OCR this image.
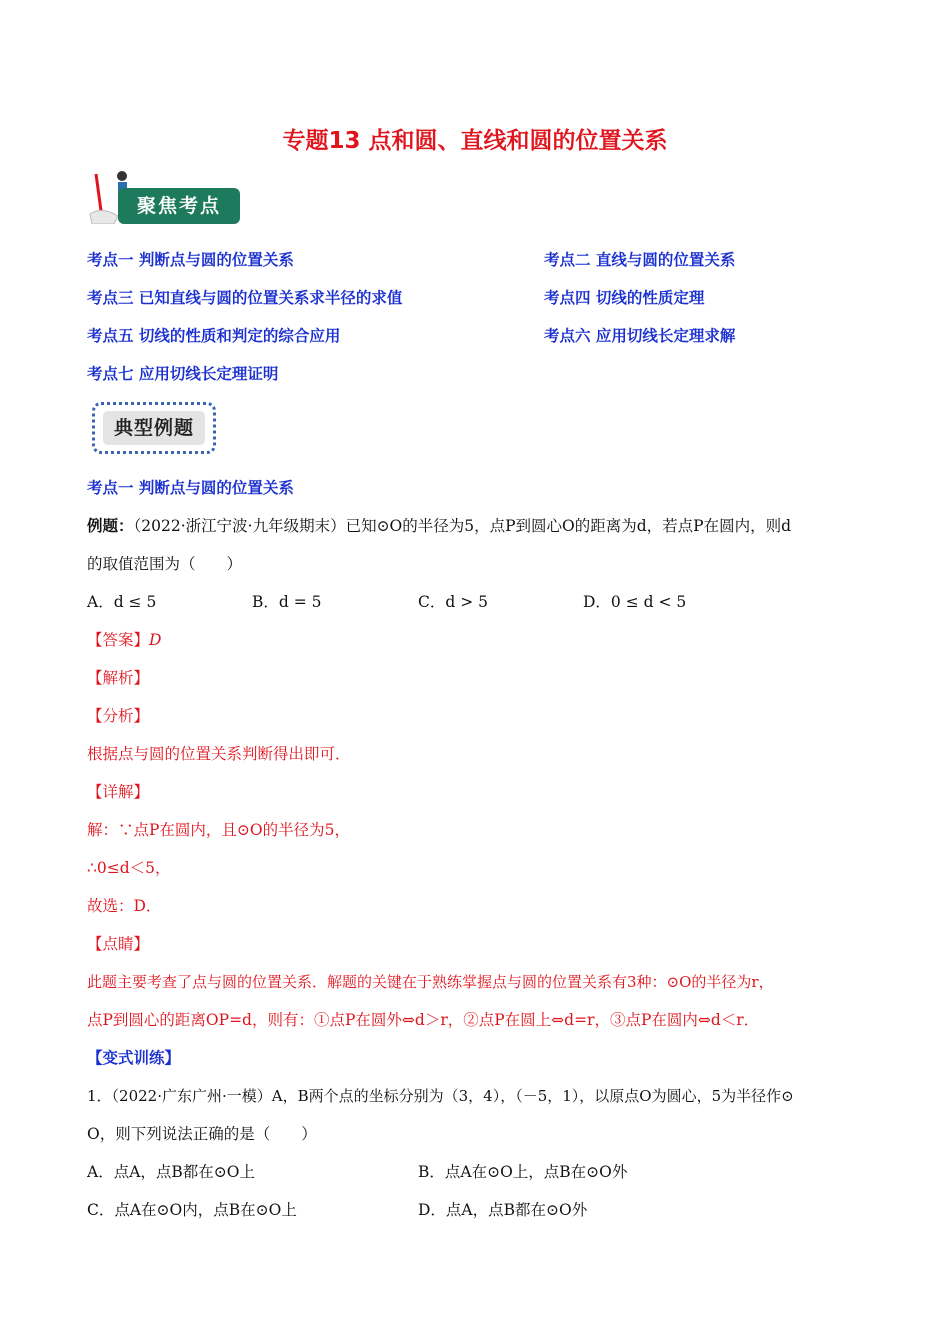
专题13 点和圆、直线和圆的位置关系
聚焦考点
考点一 判断点与圆的位置关系	考点二 直线与圆的位置关系
考点三 已知直线与圆的位置关系求半径的求值	考点四 切线的性质定理
考点五 切线的性质和判定的综合应用	考点六 应用切线长定理求解
考点七 应用切线长定理证明
典型例题
考点一 判断点与圆的位置关系
例题：（2022·浙江宁波·九年级期末）已知⊙O的半径为5，点P到圆心O的距离为d，若点P在圆内，则d
的取值范围为（　　）
A．d ≤ 5	B．d = 5	C．d > 5	D．0 ≤ d < 5
【答案】D
【解析】
【分析】
根据点与圆的位置关系判断得出即可．
【详解】
解：∵点P在圆内，且⊙O的半径为5，
∴0≤d＜5，
故选：D．
【点睛】
此题主要考查了点与圆的位置关系．解题的关键在于熟练掌握点与圆的位置关系有3种：⊙O的半径为r，
点P到圆心的距离OP=d，则有：①点P在圆外⇔d＞r，②点P在圆上⇔d=r，③点P在圆内⇔d＜r．
【变式训练】
1．（2022·广东广州·一模）A，B两个点的坐标分别为（3，4），（－5，1），以原点O为圆心，5为半径作⊙
O，则下列说法正确的是（　　）
A．点A，点B都在⊙O上	B．点A在⊙O上，点B在⊙O外
C．点A在⊙O内，点B在⊙O上	D．点A，点B都在⊙O外
